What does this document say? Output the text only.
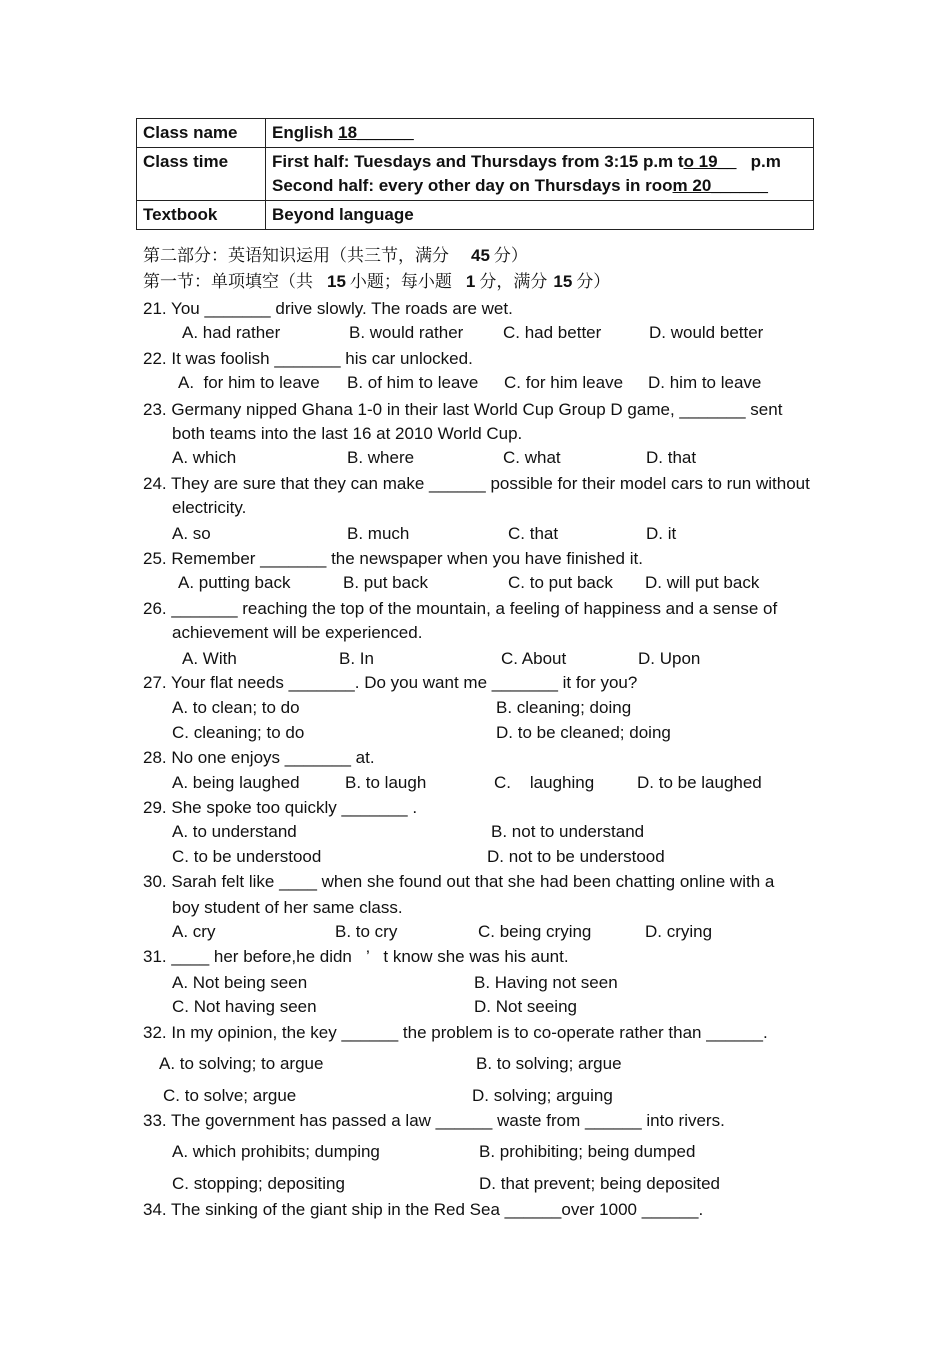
Class name	English 18______
Class time	First half: Tuesdays and Thursdays from 3:15 p.m to 19__   p.m
Second half: every other day on Thursdays in room 20______

Textbook	Beyond language
第二部分：英语知识运用（共三节，满分 45 分）
第一节：单项填空（共 15 小题；每小题 1 分，满分 15 分）
21. You _______ drive slowly. The roads are wet.
A. had rather	B. would rather C. had better	D. would better
22. It was foolish _______ his car unlocked.
A.  for him to leave B. of him to leave C. for him leave D. him to leave
23. Germany nipped Ghana 1-0 in their last World Cup Group D game, _______ sent
both teams into the last 16 at 2010 World Cup.
A. which	B. where	C. what	D. that
24. They are sure that they can make ______ possible for their model cars to run without
electricity.
A. so	B. much	C. that	D. it
25. Remember _______ the newspaper when you have finished it.
A. putting back	B. put back	C. to put back D. will put back
26. _______ reaching the top of the mountain, a feeling of happiness and a sense of
achievement will be experienced.
A. With	B. In	C. About	D. Upon
27. Your flat needs _______. Do you want me _______ it for you?
A. to clean; to do	B. cleaning; doing
C. cleaning; to do	D. to be cleaned; doing
28. No one enjoys _______ at.
A. being laughed	B. to laugh	C.    laughing	D. to be laughed
29. She spoke too quickly _______ .
A. to understand	B. not to understand
C. to be understood	D. not to be understood
30. Sarah felt like ____ when she found out that she had been chatting online with a
boy student of her same class.
A. cry	B. to cry	C. being crying	D. crying
31. ____ her before,he didn   ’   t know she was his aunt.
A. Not being seen	B. Having not seen
C. Not having seen	D. Not seeing
32. In my opinion, the key ______ the problem is to co-operate rather than ______.
A. to solving; to argue	B. to solving; argue
C. to solve; argue	D. solving; arguing
33. The government has passed a law ______ waste from ______ into rivers.
A. which prohibits; dumping	B. prohibiting; being dumped
C. stopping; depositing	D. that prevent; being deposited
34. The sinking of the giant ship in the Red Sea ______over 1000 ______.
